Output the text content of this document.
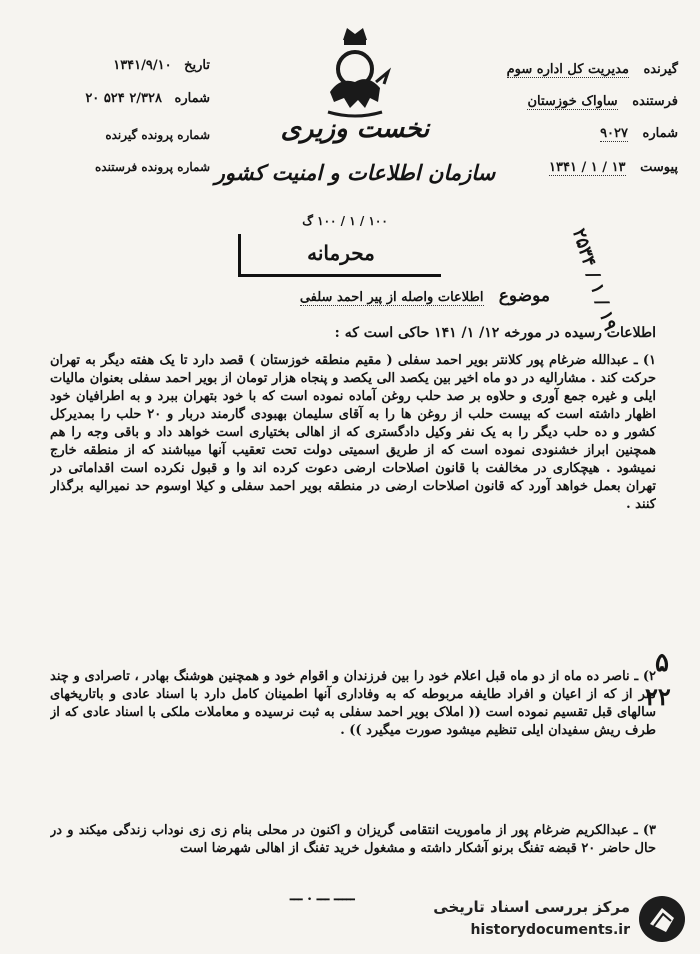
تاریخ ۱۳۴۱/۹/۱۰
شماره ۲/۳۲۸ ۵۲۴ ۲۰
شماره پرونده گیرنده
شماره پرونده فرستنده
نخست وزیری
سازمان اطلاعات و امنیت کشور
۱۰۰ / ۱ / ۱۰۰ گ
محرمانه
گیرنده مدیریت کل اداره سوم
فرستنده ساواک خوزستان
شماره ۹۰۲۷
پیوست ۱۳ / ۱ / ۱۳۴۱
۲۵۳۴ / ۱ / ۱۹
موضوع اطلاعات واصله از پیر احمد سلفی
اطلاعات رسیده در مورخه ۱۲/ ۱/ ۱۴۱ حاکی است که :
۱) ـ عبدالله ضرغام پور کلانتر بویر احمد سفلی ( مقیم منطقه خوزستان ) قصد دارد تا یک هفته دیگر به تهران حرکت کند . مشارالیه در دو ماه اخیر بین یکصد الی یکصد و پنجاه هزار تومان از بویر احمد سفلی بعنوان مالیات ایلی و غیره جمع آوری و حلاوه بر صد حلب روغن آماده نموده است که با خود بتهران ببرد و به اطرافیان خود اظهار داشته است که بیست حلب از روغن ها را به آقای سلیمان بهبودی گارمند دربار و ۲۰ حلب را بمدیرکل کشور و ده حلب دیگر را به یک نفر وکیل دادگستری که از اهالی بختیاری است خواهد داد و باقی وجه را هم همچنین ابراز خشنودی نموده است که از طریق اسمیتی دولت تحت تعقیب آنها میباشند که از منطقه خارج نمیشود . هیچکاری در مخالفت با قانون اصلاحات ارضی دعوت کرده اند وا و قبول نکرده است اقداماتی در تهران بعمل خواهد آورد که قانون اصلاحات ارضی در منطقه بویر احمد سفلی و کیلا اوسوم حد نمیرالیه برگذار کنند .
۲) ـ ناصر ده ماه از دو ماه قبل اعلام خود را بین فرزندان و اقوام خود و همچنین هوشنگ بهادر ، تاصرادی و چند نفر از که از اعیان و افراد طایفه مربوطه که به وفاداری آنها اطمینان کامل دارد با اسناد عادی و باتاریخهای سالهای قبل تقسیم نموده است (( املاک بویر احمد سفلی به ثبت نرسیده و معاملات ملکی با اسناد عادی که از طرف ریش سفیدان ایلی تنظیم میشود صورت میگیرد )) .
۳) ـ عبدالکریم ضرغام پور از ماموریت انتقامی گریزان و اکنون در محلی بنام زی زی نوداب زندگی میکند و در حال حاضر ۲۰ قبضه تفنگ برنو آشکار داشته و مشغول خرید تفنگ از اهالی شهرضا است
۵
۲۲
ـــــ ـــ . ـــ
مرکز بررسی اسناد تاریخی
historydocuments.ir
